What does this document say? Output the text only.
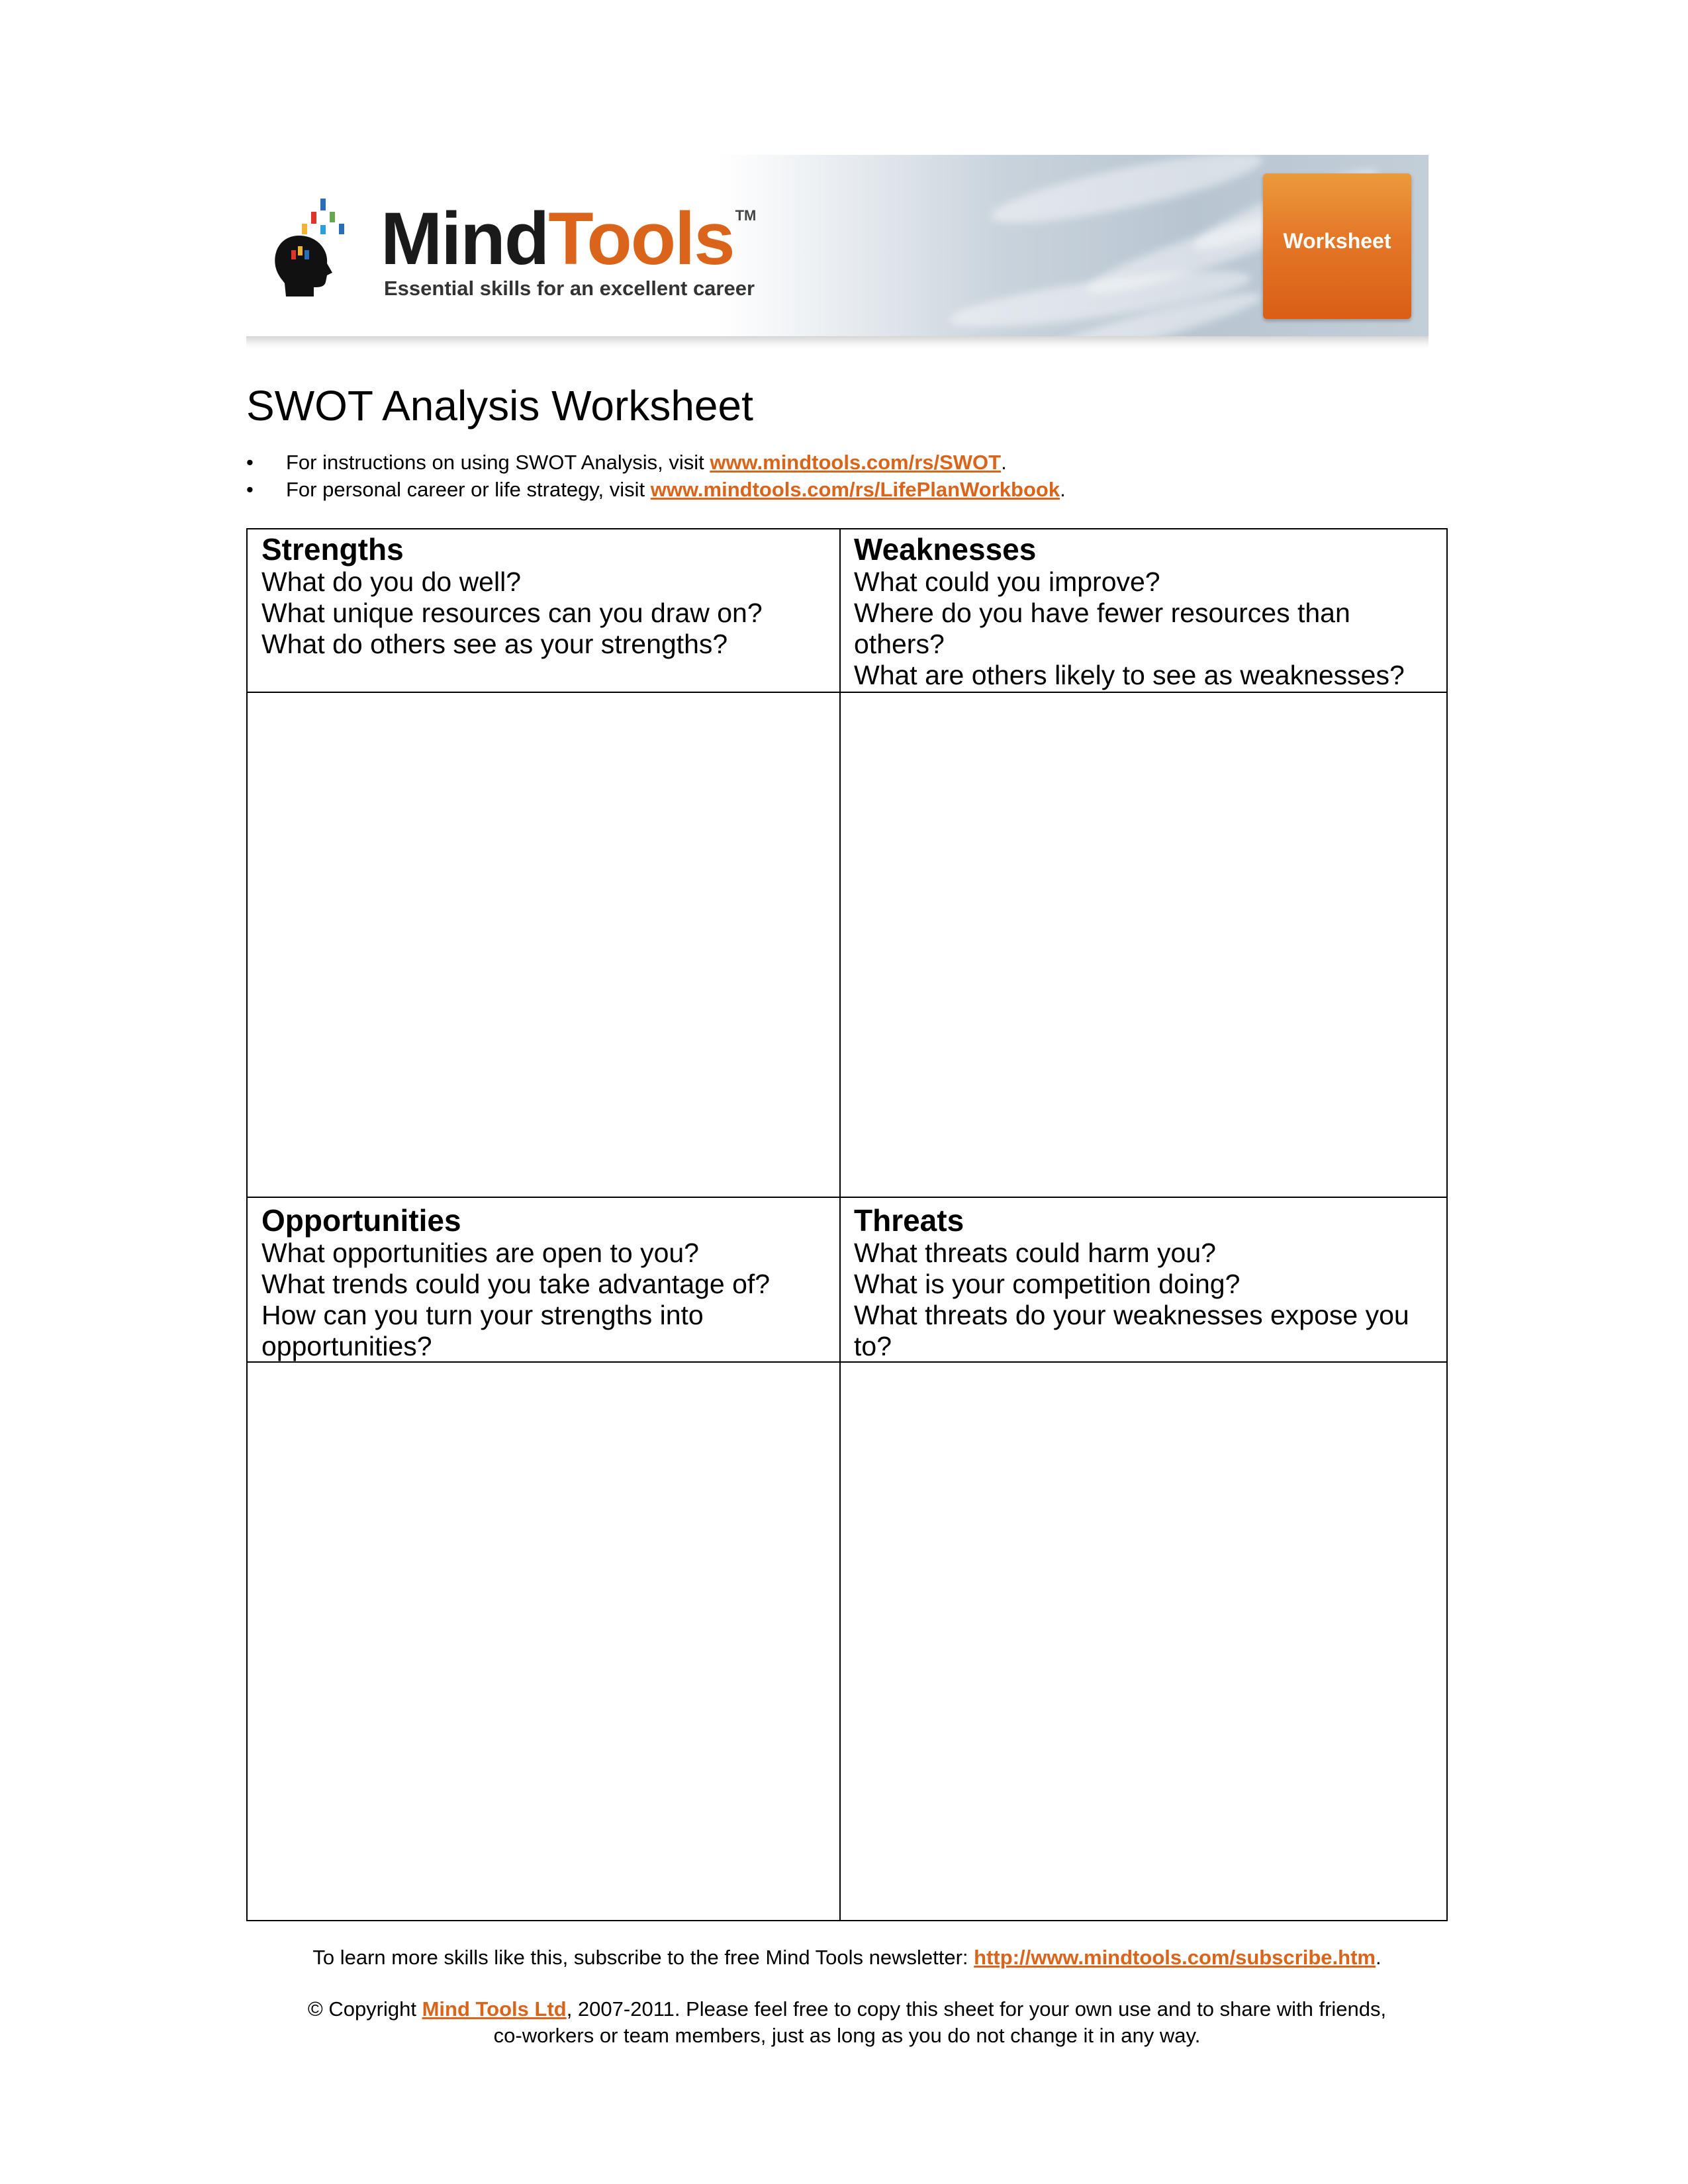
MindTools™
Essential skills for an excellent career
Worksheet
SWOT Analysis Worksheet
• For instructions on using SWOT Analysis, visit www.mindtools.com/rs/SWOT.
• For personal career or life strategy, visit www.mindtools.com/rs/LifePlanWorkbook.
Strengths
What do you do well?
What unique resources can you draw on?
What do others see as your strengths?
Weaknesses
What could you improve?
Where do you have fewer resources than
others?
What are others likely to see as weaknesses?
Opportunities
What opportunities are open to you?
What trends could you take advantage of?
How can you turn your strengths into
opportunities?
Threats
What threats could harm you?
What is your competition doing?
What threats do your weaknesses expose you
to?
To learn more skills like this, subscribe to the free Mind Tools newsletter: http://www.mindtools.com/subscribe.htm.
© Copyright Mind Tools Ltd, 2007-2011. Please feel free to copy this sheet for your own use and to share with friends,
co-workers or team members, just as long as you do not change it in any way.
